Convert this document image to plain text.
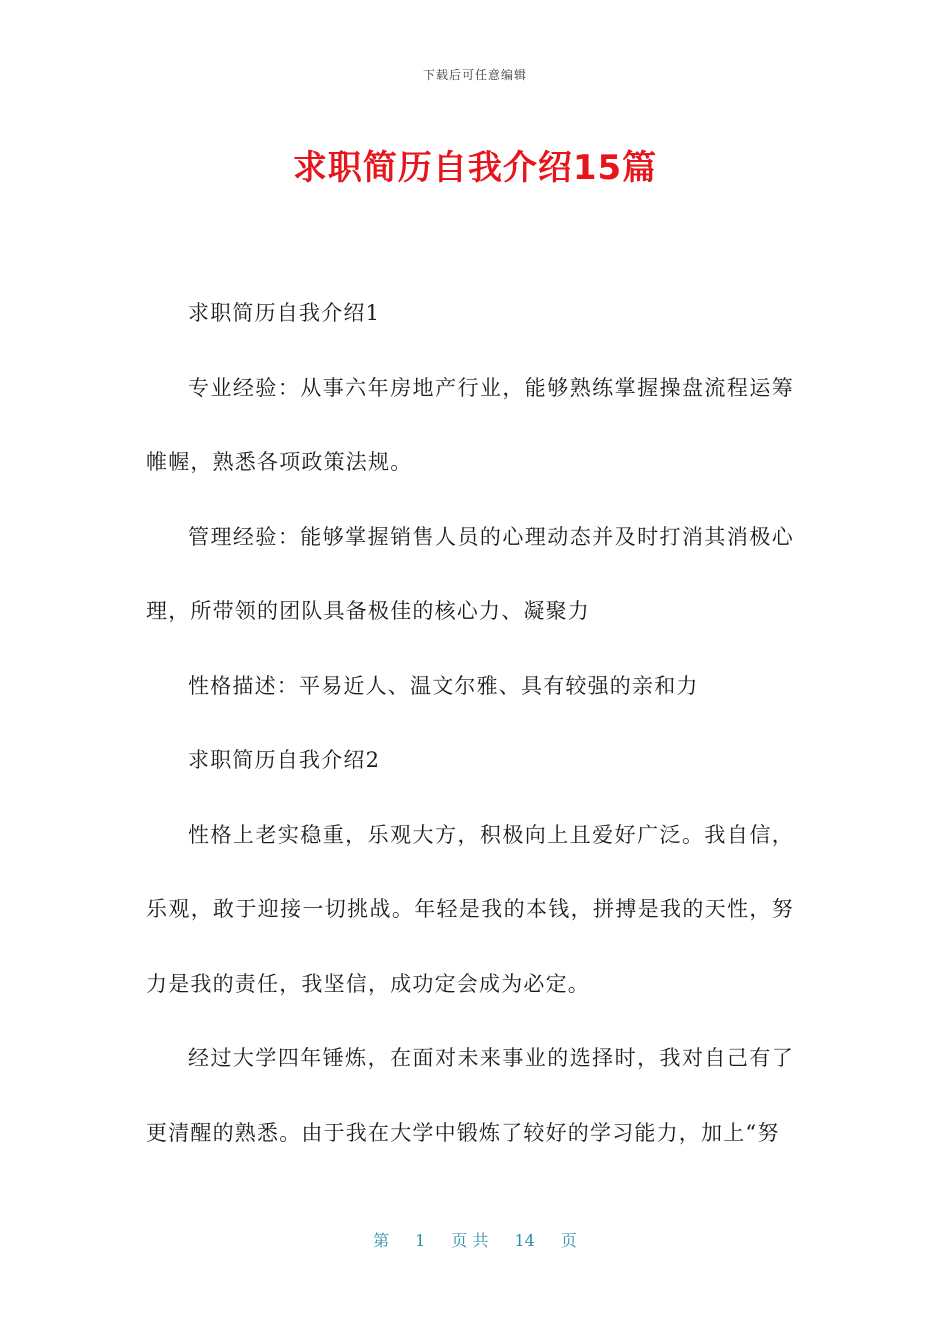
下载后可任意编辑
求职简历自我介绍15篇

求职简历自我介绍1

专业经验：从事六年房地产行业，能够熟练掌握操盘流程运筹帷幄，熟悉各项政策法规。

管理经验：能够掌握销售人员的心理动态并及时打消其消极心理，所带领的团队具备极佳的核心力、凝聚力

性格描述：平易近人、温文尔雅、具有较强的亲和力

求职简历自我介绍2

性格上老实稳重，乐观大方，积极向上且爱好广泛。我自信，乐观，敢于迎接一切挑战。年轻是我的本钱，拼搏是我的天性，努力是我的责任，我坚信，成功定会成为必定。

经过大学四年锤炼，在面对未来事业的选择时，我对自己有了更清醒的熟悉。由于我在大学中锻炼了较好的学习能力，加上“努

第 1 页 共 14 页
